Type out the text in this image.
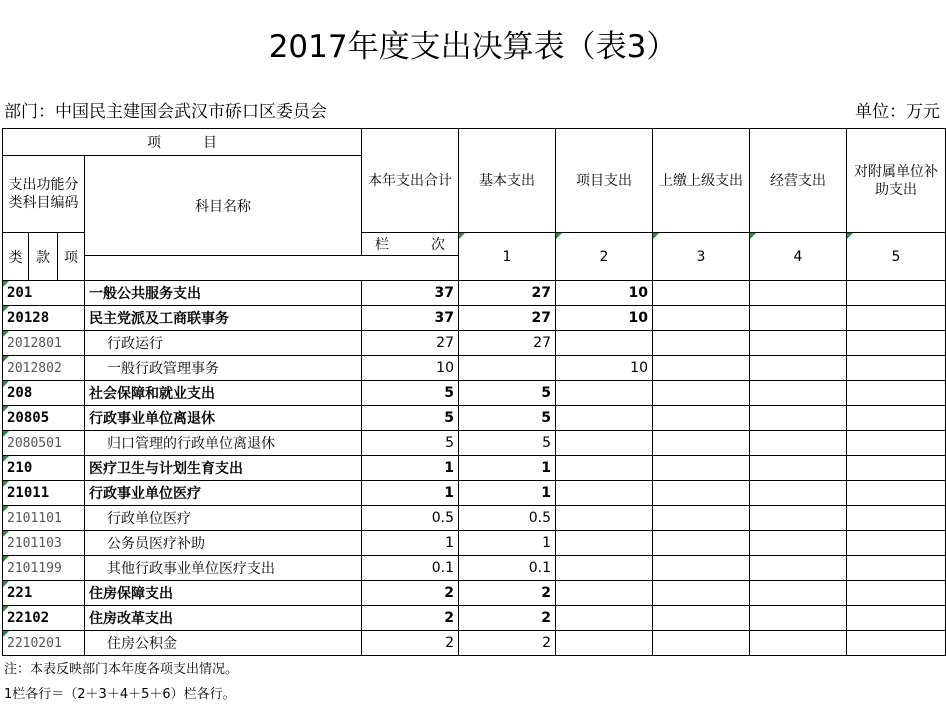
2017年度支出决算表（表3）
部门：中国民主建国会武汉市硚口区委员会	单位：万元
项　　　目				本年支出合计	基本支出	项目支出	上缴上级支出	经营支出	对附属单位补助支出	
支出功能分类科目编码			科目名称							
类	款	项		栏　　　次	1	2	3	4	5	

201			一般公共服务支出	37	27	10				
20128			民主党派及工商联事务	37	27	10				
2012801			行政运行	27	27					
2012802			一般行政管理事务	10		10				
208			社会保障和就业支出	5	5					
20805			行政事业单位离退休	5	5					
2080501			归口管理的行政单位离退休	5	5					
210			医疗卫生与计划生育支出	1	1					
21011			行政事业单位医疗	1	1					
2101101			行政单位医疗	0.5	0.5					
2101103			公务员医疗补助	1	1					
2101199			其他行政事业单位医疗支出	0.1	0.1					
221			住房保障支出	2	2					
22102			住房改革支出	2	2					
2210201			住房公积金	2	2					
注：本表反映部门本年度各项支出情况。
1栏各行＝（2＋3＋4＋5＋6）栏各行。
